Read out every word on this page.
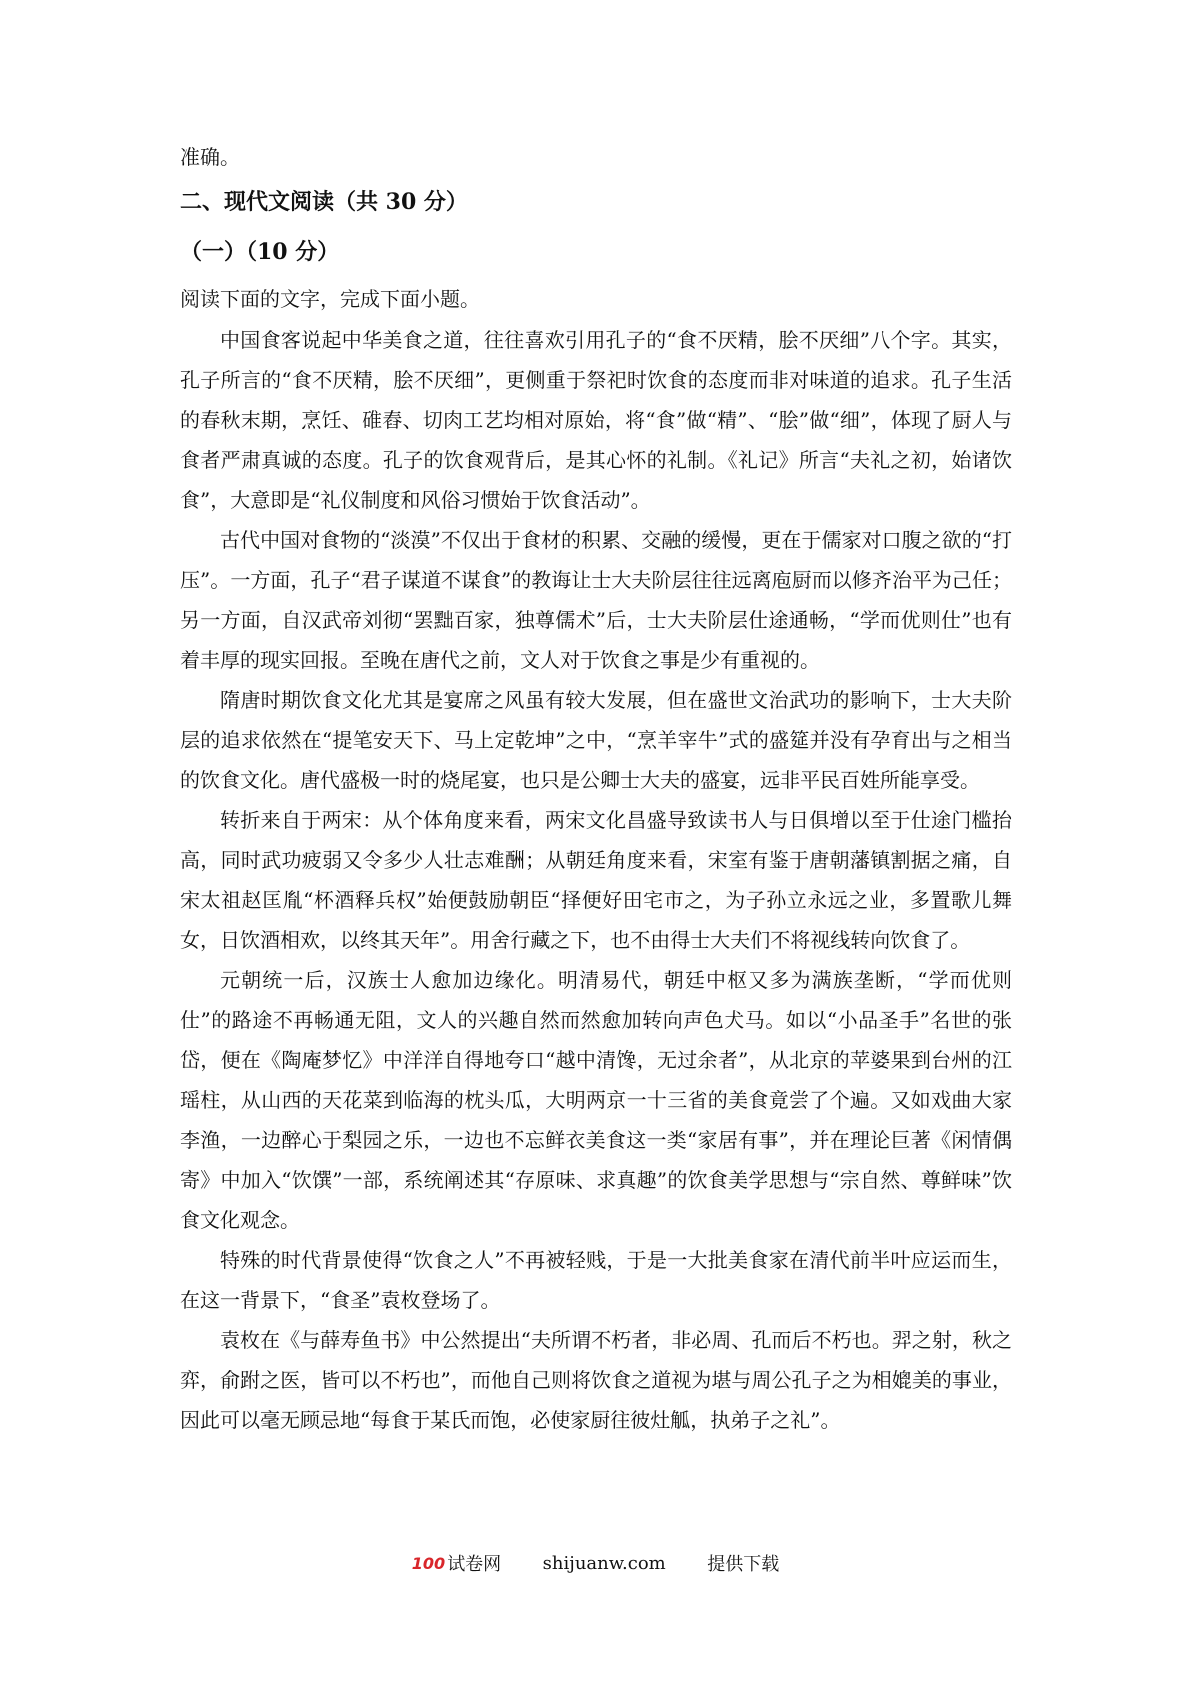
准确。

二、现代文阅读（共 30 分）
（一）（10 分）

阅读下面的文字，完成下面小题。

中国食客说起中华美食之道，往往喜欢引用孔子的“食不厌精，脍不厌细”八个字。其实，孔子所言的“食不厌精，脍不厌细”，更侧重于祭祀时饮食的态度而非对味道的追求。孔子生活的春秋末期，烹饪、碓舂、切肉工艺均相对原始，将“食”做“精”、“脍”做“细”，体现了厨人与食者严肃真诚的态度。孔子的饮食观背后，是其心怀的礼制。《礼记》所言“夫礼之初，始诸饮食”，大意即是“礼仪制度和风俗习惯始于饮食活动”。

古代中国对食物的“淡漠”不仅出于食材的积累、交融的缓慢，更在于儒家对口腹之欲的“打压”。一方面，孔子“君子谋道不谋食”的教诲让士大夫阶层往往远离庖厨而以修齐治平为己任；另一方面，自汉武帝刘彻“罢黜百家，独尊儒术”后，士大夫阶层仕途通畅，“学而优则仕”也有着丰厚的现实回报。至晚在唐代之前，文人对于饮食之事是少有重视的。

隋唐时期饮食文化尤其是宴席之风虽有较大发展，但在盛世文治武功的影响下，士大夫阶层的追求依然在“提笔安天下、马上定乾坤”之中，“烹羊宰牛”式的盛筵并没有孕育出与之相当的饮食文化。唐代盛极一时的烧尾宴，也只是公卿士大夫的盛宴，远非平民百姓所能享受。

转折来自于两宋：从个体角度来看，两宋文化昌盛导致读书人与日俱增以至于仕途门槛抬高，同时武功疲弱又令多少人壮志难酬；从朝廷角度来看，宋室有鉴于唐朝藩镇割据之痛，自宋太祖赵匡胤“杯酒释兵权”始便鼓励朝臣“择便好田宅市之，为子孙立永远之业，多置歌儿舞女，日饮酒相欢，以终其天年”。用舍行藏之下，也不由得士大夫们不将视线转向饮食了。

元朝统一后，汉族士人愈加边缘化。明清易代，朝廷中枢又多为满族垄断，“学而优则仕”的路途不再畅通无阻，文人的兴趣自然而然愈加转向声色犬马。如以“小品圣手”名世的张岱，便在《陶庵梦忆》中洋洋自得地夸口“越中清馋，无过余者”，从北京的苹婆果到台州的江瑶柱，从山西的天花菜到临海的枕头瓜，大明两京一十三省的美食竟尝了个遍。又如戏曲大家李渔，一边醉心于梨园之乐，一边也不忘鲜衣美食这一类“家居有事”，并在理论巨著《闲情偶寄》中加入“饮馔”一部，系统阐述其“存原味、求真趣”的饮食美学思想与“宗自然、尊鲜味”饮食文化观念。

特殊的时代背景使得“饮食之人”不再被轻贱，于是一大批美食家在清代前半叶应运而生，在这一背景下，“食圣”袁枚登场了。

袁枚在《与薛寿鱼书》中公然提出“夫所谓不朽者，非必周、孔而后不朽也。羿之射，秋之弈，俞跗之医，皆可以不朽也”，而他自己则将饮食之道视为堪与周公孔子之为相媲美的事业，因此可以毫无顾忌地“每食于某氏而饱，必使家厨往彼灶觚，执弟子之礼”。

100 试卷网 shijuanw.com 提供下载
